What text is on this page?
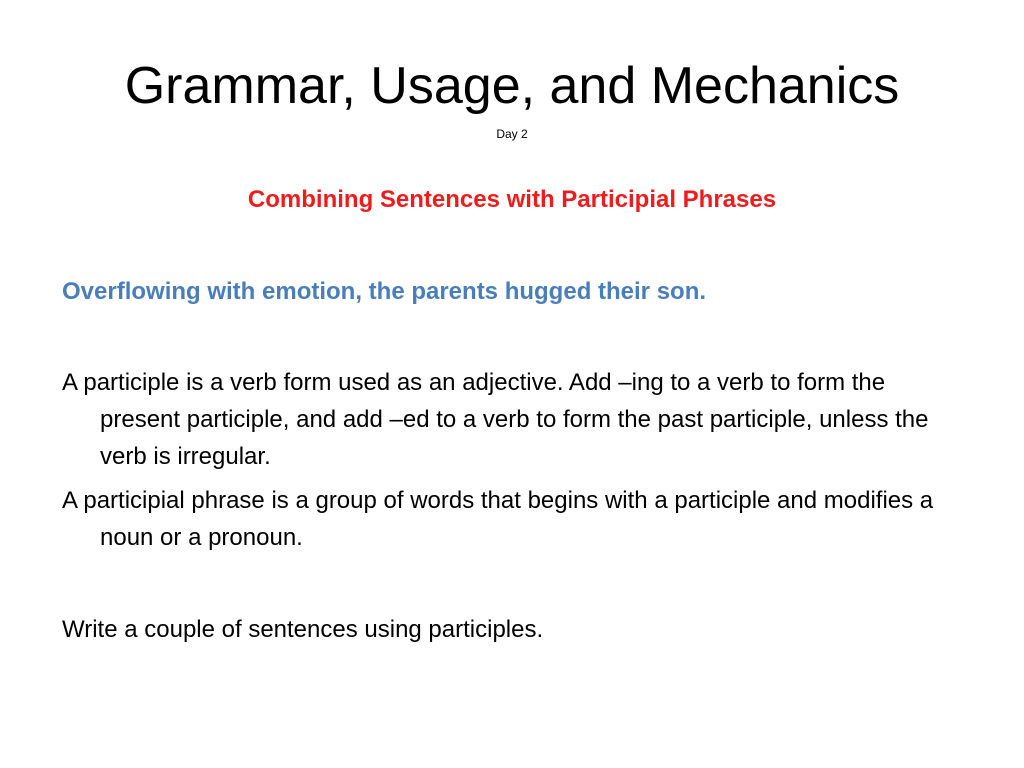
Grammar, Usage, and Mechanics
Day 2
Combining Sentences with Participial Phrases
Overflowing with emotion, the parents hugged their son.
A participle is a verb form used as an adjective. Add –ing to a verb to form the present participle, and add –ed to a verb to form the past participle, unless the verb is irregular.
A participial phrase is a group of words that begins with a participle and modifies a noun or a pronoun.
Write a couple of sentences using participles.
